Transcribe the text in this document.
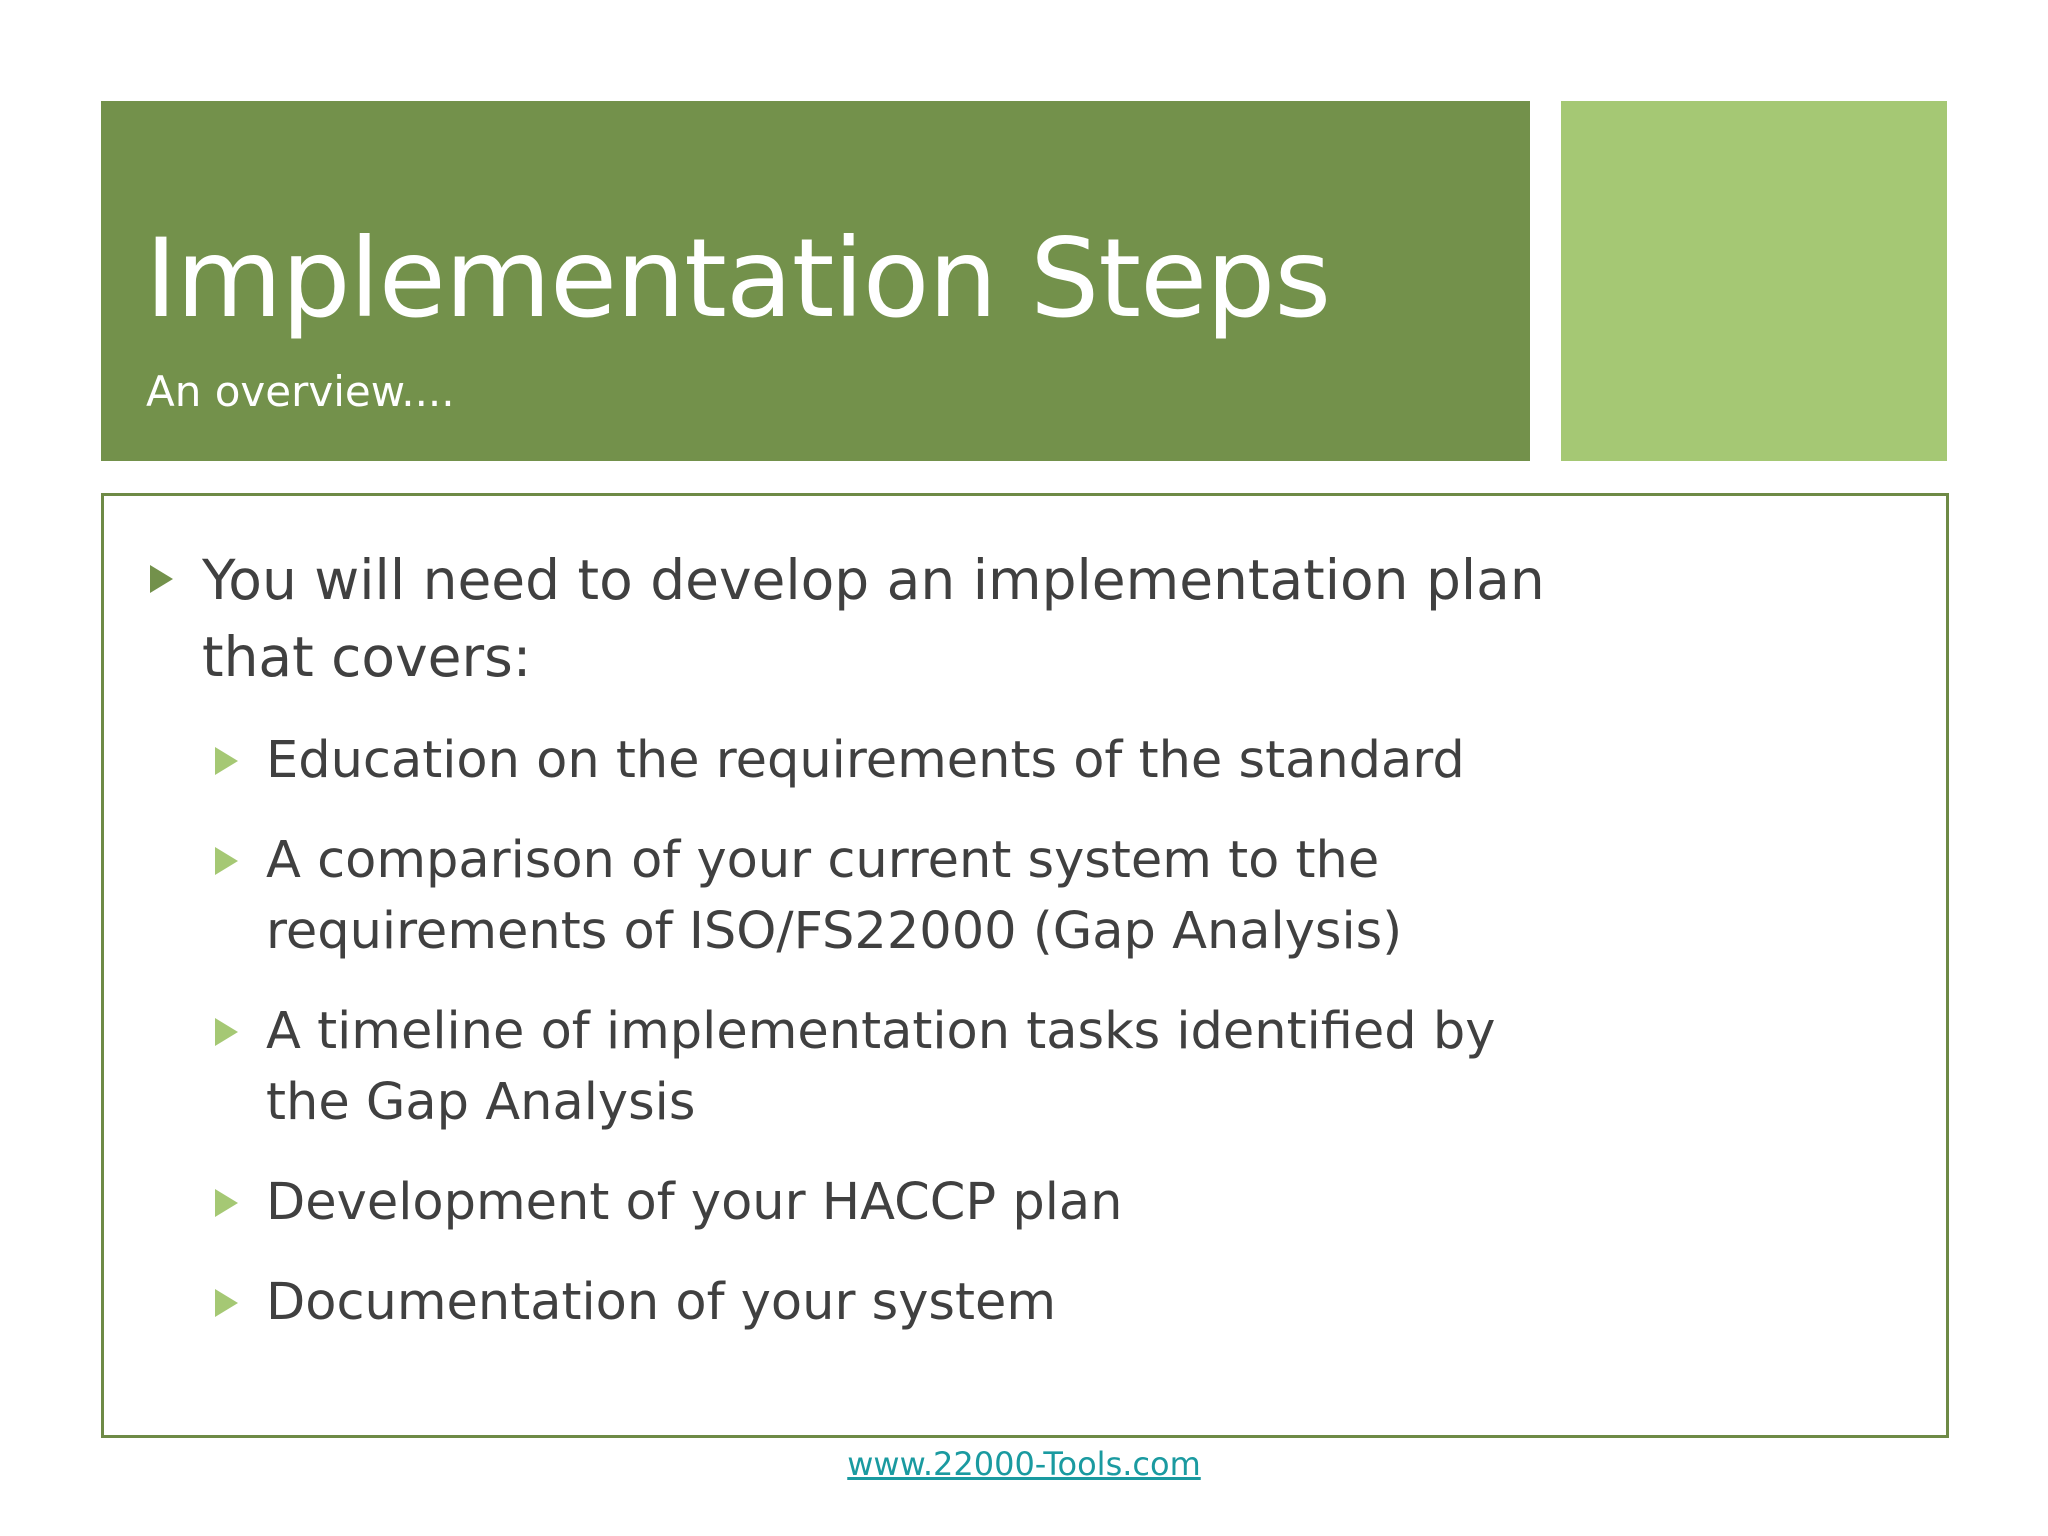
Implementation Steps
An overview....
You will need to develop an implementation plan
that covers:
Education on the requirements of the standard
A comparison of your current system to the
requirements of ISO/FS22000 (Gap Analysis)
A timeline of implementation tasks identified by
the Gap Analysis
Development of your HACCP plan
Documentation of your system
www.22000-Tools.com
